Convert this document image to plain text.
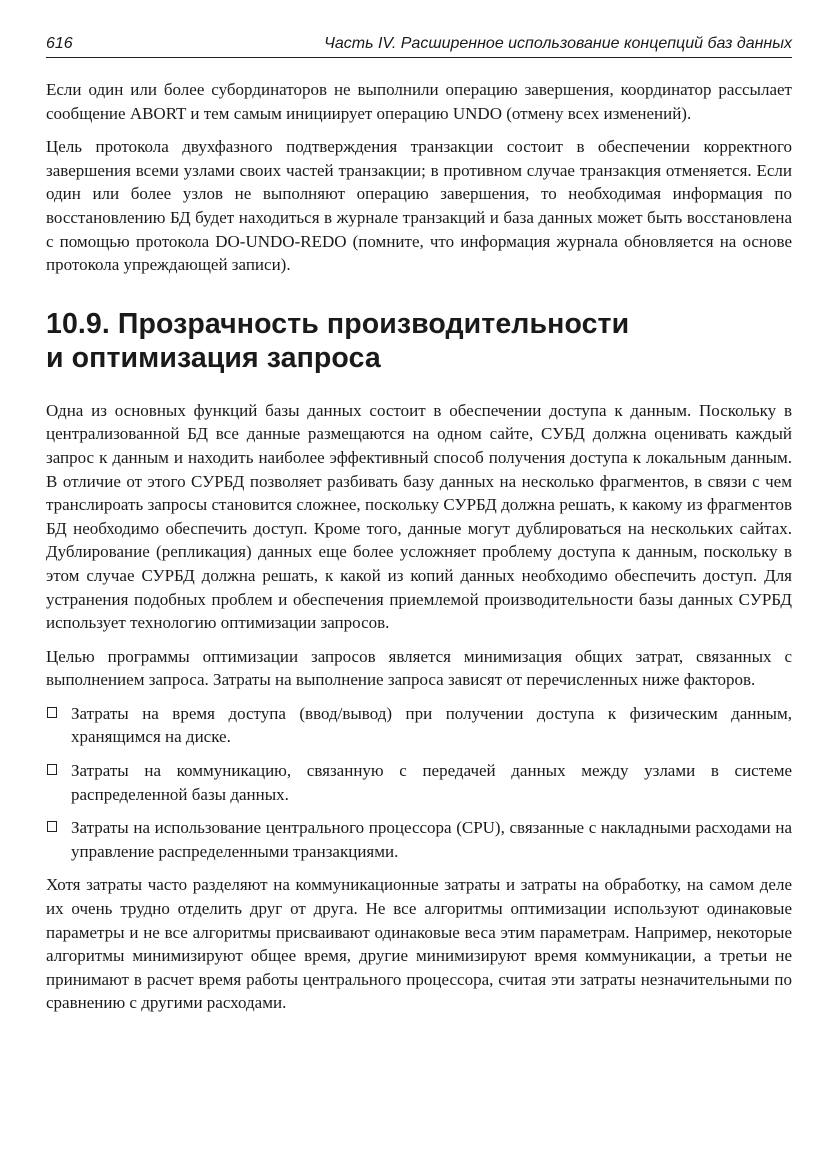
616	Часть IV. Расширенное использование концепций баз данных

Если один или более субординаторов не выполнили операцию завершения, координатор рассылает сообщение ABORT и тем самым инициирует операцию UNDO (отмену всех изменений).

Цель протокола двухфазного подтверждения транзакции состоит в обеспечении корректного завершения всеми узлами своих частей транзакции; в противном случае транзакция отменяется. Если один или более узлов не выполняют операцию завершения, то необходимая информация по восстановлению БД будет находиться в журнале транзакций и база данных может быть восстановлена с помощью протокола DO-UNDO-REDO (помните, что информация журнала обновляется на основе протокола упреждающей записи).

10.9. Прозрачность производительности
и оптимизация запроса

Одна из основных функций базы данных состоит в обеспечении доступа к данным. Поскольку в централизованной БД все данные размещаются на одном сайте, СУБД должна оценивать каждый запрос к данным и находить наиболее эффективный способ получения доступа к локальным данным. В отличие от этого СУРБД позволяет разбивать базу данных на несколько фрагментов, в связи с чем транслироать запросы становится сложнее, поскольку СУРБД должна решать, к какому из фрагментов БД необходимо обеспечить доступ. Кроме того, данные могут дублироваться на нескольких сайтах. Дублирование (репликация) данных еще более усложняет проблему доступа к данным, поскольку в этом случае СУРБД должна решать, к какой из копий данных необходимо обеспечить доступ. Для устранения подобных проблем и обеспечения приемлемой производительности базы данных СУРБД использует технологию оптимизации запросов.

Целью программы оптимизации запросов является минимизация общих затрат, связанных с выполнением запроса. Затраты на выполнение запроса зависят от перечисленных ниже факторов.

Затраты на время доступа (ввод/вывод) при получении доступа к физическим данным, хранящимся на диске.

Затраты на коммуникацию, связанную с передачей данных между узлами в системе распределенной базы данных.

Затраты на использование центрального процессора (CPU), связанные с накладными расходами на управление распределенными транзакциями.

Хотя затраты часто разделяют на коммуникационные затраты и затраты на обработку, на самом деле их очень трудно отделить друг от друга. Не все алгоритмы оптимизации используют одинаковые параметры и не все алгоритмы присваивают одинаковые веса этим параметрам. Например, некоторые алгоритмы минимизируют общее время, другие минимизируют время коммуникации, а третьи не принимают в расчет время работы центрального процессора, считая эти затраты незначительными по сравнению с другими расходами.
